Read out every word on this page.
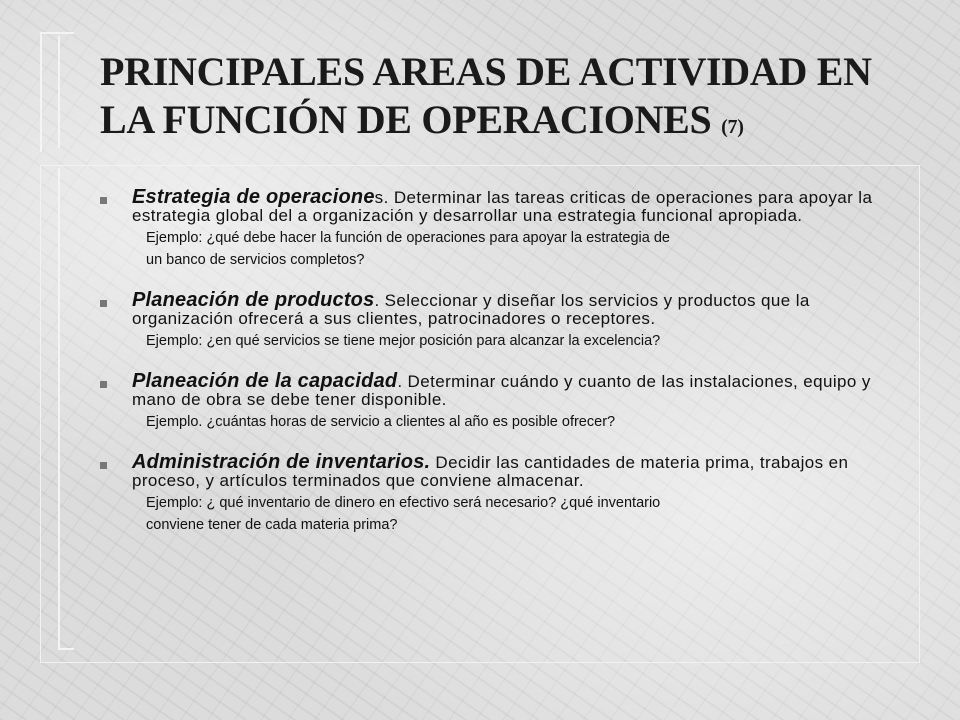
PRINCIPALES AREAS DE ACTIVIDAD EN LA FUNCIÓN DE OPERACIONES (7)

Estrategia de operaciones. Determinar las tareas criticas de operaciones para apoyar la estrategia global del a organización y desarrollar una estrategia funcional apropiada.

Ejemplo: ¿qué debe hacer la función de operaciones para apoyar la estrategia de
un banco de servicios completos?

Planeación de productos. Seleccionar y diseñar los servicios y productos que la organización ofrecerá a sus clientes, patrocinadores o receptores.

Ejemplo: ¿en qué servicios se tiene mejor posición para alcanzar la excelencia?

Planeación de la capacidad. Determinar cuándo y cuanto de las instalaciones, equipo y mano de obra se debe tener disponible.

Ejemplo. ¿cuántas horas de servicio a clientes al año es posible ofrecer?

Administración de inventarios. Decidir las cantidades de materia prima, trabajos en proceso, y artículos terminados que conviene almacenar.

Ejemplo: ¿ qué inventario de dinero en efectivo será necesario? ¿qué inventario
conviene tener de cada materia prima?
